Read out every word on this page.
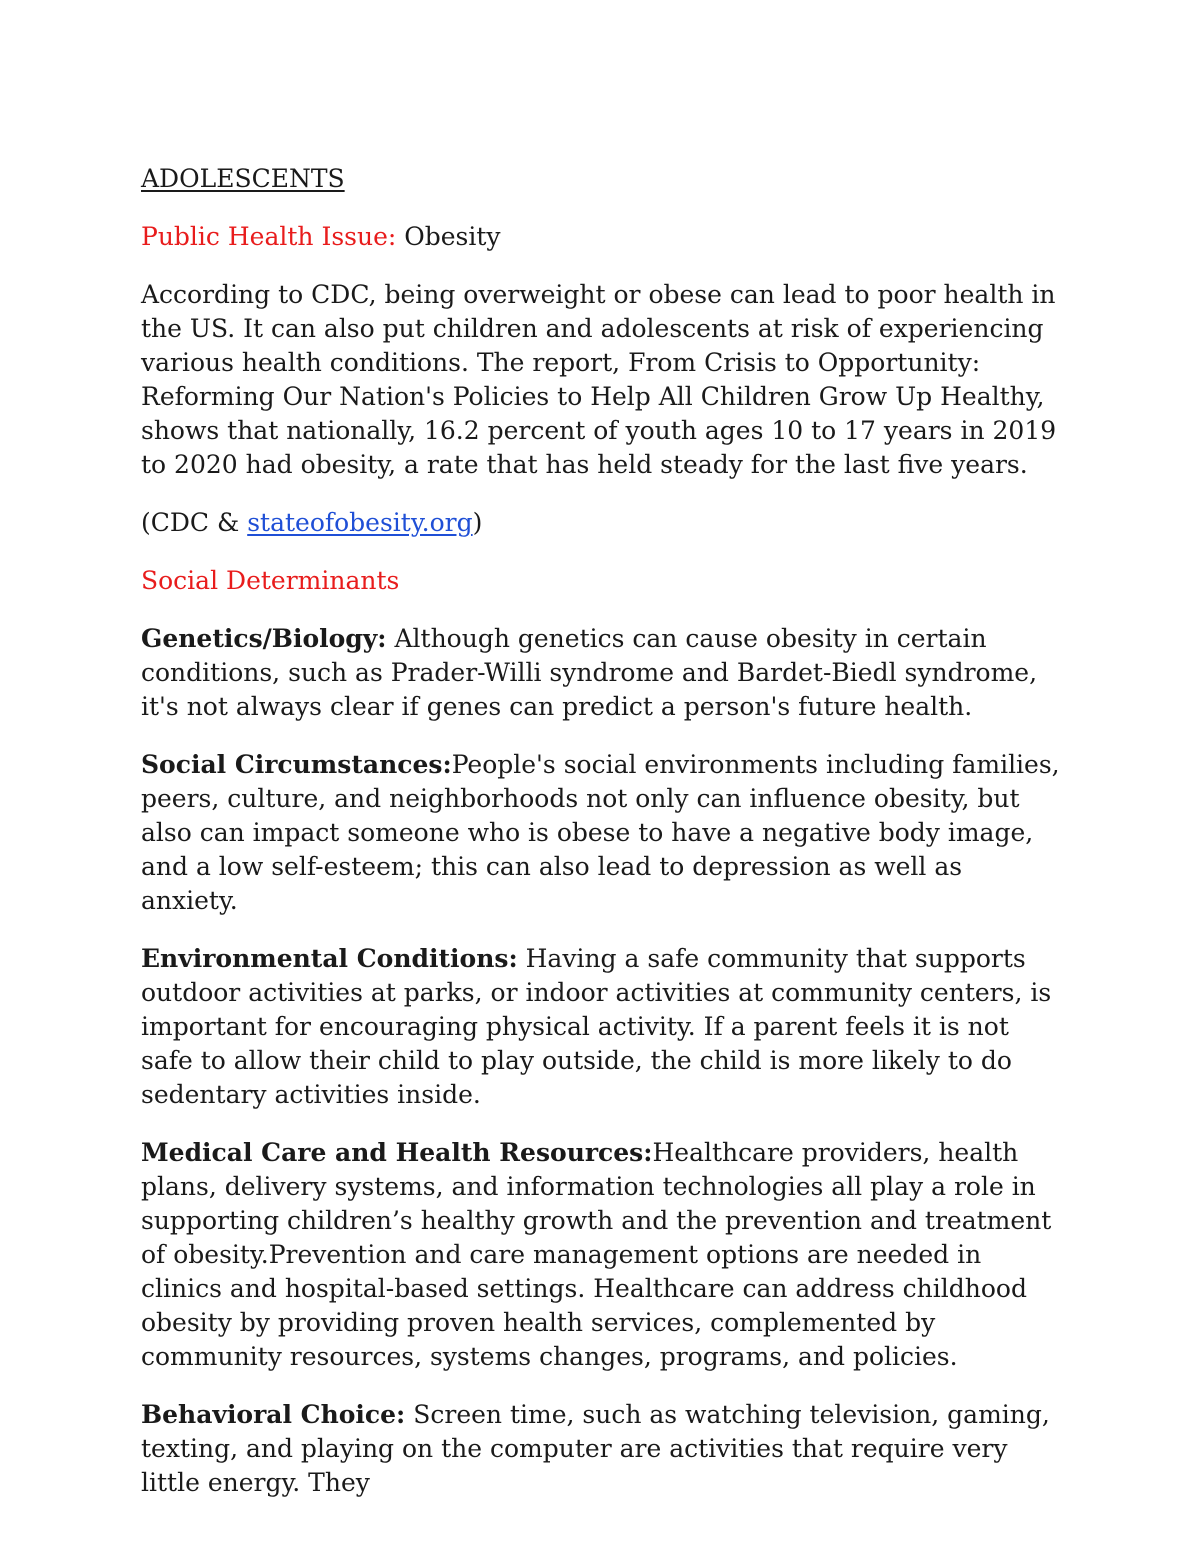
ADOLESCENTS
Public Health Issue: Obesity

According to CDC, being overweight or obese can lead to poor health in the US. It can also put children and adolescents at risk of experiencing various health conditions. The report, From Crisis to Opportunity: Reforming Our Nation's Policies to Help All Children Grow Up Healthy, shows that nationally, 16.2 percent of youth ages 10 to 17 years in 2019 to 2020 had obesity, a rate that has held steady for the last five years.

(CDC & stateofobesity.org)

Social Determinants

Genetics/Biology: Although genetics can cause obesity in certain conditions, such as Prader-Willi syndrome and Bardet-Biedl syndrome, it's not always clear if genes can predict a person's future health.

Social Circumstances:People's social environments including families, peers, culture, and neighborhoods not only can influence obesity, but also can impact someone who is obese to have a negative body image, and a low self-esteem; this can also lead to depression as well as anxiety.

Environmental Conditions: Having a safe community that supports outdoor activities at parks, or indoor activities at community centers, is important for encouraging physical activity. If a parent feels it is not safe to allow their child to play outside, the child is more likely to do sedentary activities inside.

Medical Care and Health Resources:Healthcare providers, health plans, delivery systems, and information technologies all play a role in supporting children’s healthy growth and the prevention and treatment of obesity.Prevention and care management options are needed in clinics and hospital-based settings. Healthcare can address childhood obesity by providing proven health services, complemented by community resources, systems changes, programs, and policies.

Behavioral Choice: Screen time, such as watching television, gaming, texting, and playing on the computer are activities that require very little energy. They
